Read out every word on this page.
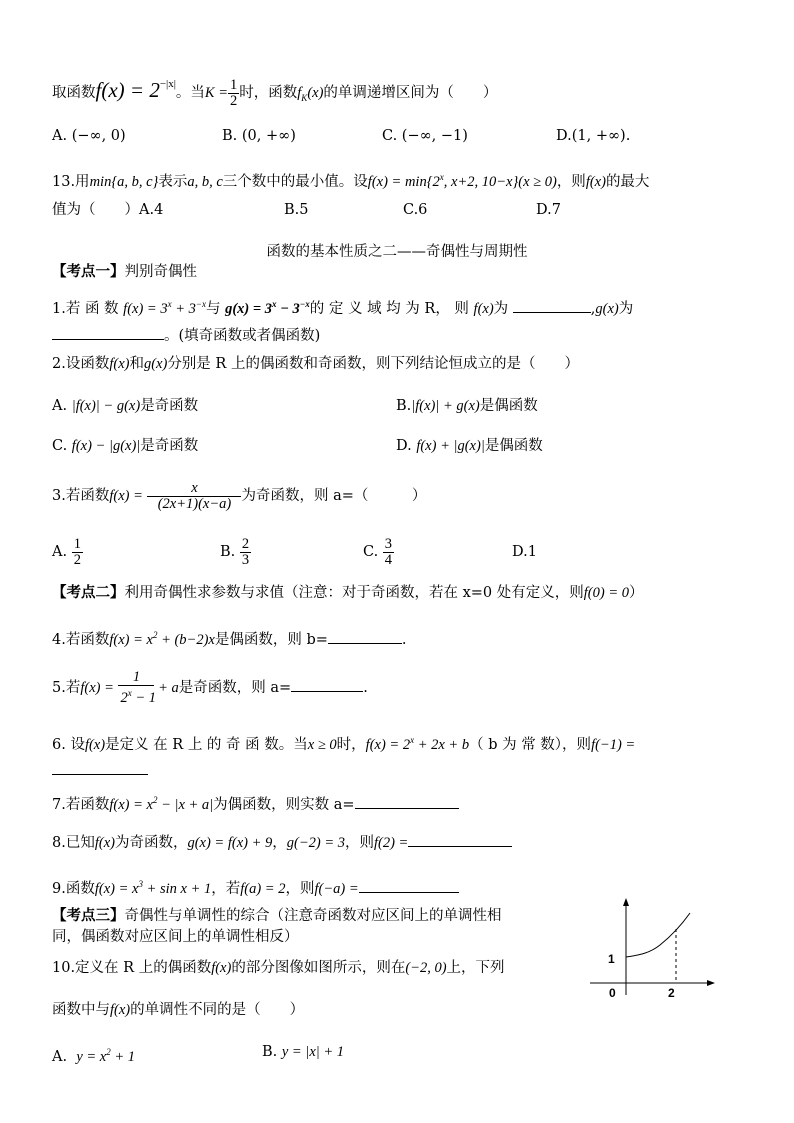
取函数$f(x) = 2^{-|x|}$。当$K = \frac{1}{2}$ 时，函数$f_K(x)$的单调递增区间为（　　）
A. (−∞, 0)	B. (0, +∞)	C. (−∞, −1)	D.(1, +∞).
13.用min{a, b, c}表示a, b, c三个数中的最小值。设$f(x) = \min\{2^x$, x+2, 10−x}(x ≥ 0)，则f(x)的最大
值为（　　）A.4	B.5	C.6	D.7
函数的基本性质之二——奇偶性与周期性
【考点一】判别奇偶性
1.若 函 数 $f(x) = 3^x + 3^{-x}$与 $g(x) = 3^x - 3^{-x}$的 定 义 域 均 为 R， 则 f(x)为	,g(x)为
。(填奇函数或者偶函数)
2.设函数f(x)和g(x)分别是 R 上的偶函数和奇函数，则下列结论恒成立的是（　　）
A. |f(x)| − g(x)是奇函数	B.|f(x)| + g(x)是偶函数
C. f(x) − |g(x)|是奇函数	D. f(x) + |g(x)|是偶函数
3.若函数$f(x) = \frac{x}{(2x+1)(x-a)}$ 为奇函数，则 a=（　　　）
A. $\frac{1}{2}$	B. $\frac{2}{3}$	C. $\frac{3}{4}$	D.1
【考点二】利用奇偶性求参数与求值（注意：对于奇函数，若在 x=0 处有定义，则f(0) = 0）
4.若函数$f(x) = x^2 + (b-2)x$是偶函数，则 b=	.
5.若$f(x) = \frac{1}{2^x - 1} + a$是奇函数，则 a=	.
6. 设f(x)是定义 在 R 上 的 奇 函 数。当x ≥ 0时，$f(x) = 2^x + 2x + b$（ b 为 常 数），则f(−1) =
7.若函数$f(x) = x^2 - |x + a|$为偶函数，则实数 a=
8.已知f(x)为奇函数，g(x) = f(x) + 9，g(−2) = 3，则f(2) =
9.函数$f(x) = x^3 + \sin x + 1$，若f(a) = 2，则f(−a) =
【考点三】奇偶性与单调性的综合（注意奇函数对应区间上的单调性相
同，偶函数对应区间上的单调性相反）
10.定义在 R 上的偶函数f(x)的部分图像如图所示，则在(−2, 0)上，下列
函数中与f(x)的单调性不同的是（　　）
A. $y = x^2 + 1$	B. y = |x| + 1
1
0	2
